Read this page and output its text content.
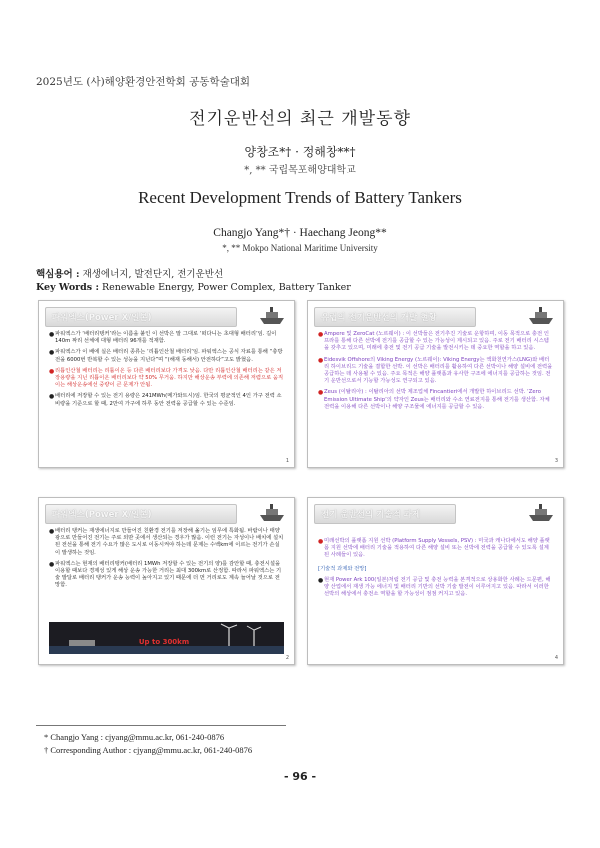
2025년도 (사)해양환경안전학회 공동학술대회
전기운반선의 최근 개발동향
양창조*† · 정해창**†
*, ** 국립목포해양대학교
Recent Development Trends of Battery Tankers
Changjo Yang*† · Haechang Jeong**
*, ** Mokpo National Maritime University
핵심용어 : 재생에너지, 발전단지, 전기운반선
Key Words : Renewable Energy, Power Complex, Battery Tanker
파워엑스(Power X/일본)
● 파워엑스가 ‘배터리탱커’라는 이름을 붙인 이 선박은 말 그대로 ‘떠다니는 초대형 배터리’임. 길이 140m 짜리 선체에 대형 배터리 96개를 적재함.
● 파워엑스가 이 배에 실은 배터리 종류는 ‘리튬인산철 배터리’임. 파워엑스는 공식 자료를 통해 “충방전을 6000번 반복할 수 있는 성능을 지닌다”며 “(해재 동해서) 안전하다”고도 밝혔음.
● 리튬인산철 배터리는 리튬이온 등 다른 배터리보다 가격도 낮음. 다만 리튬인산철 배터리는 같은 저장용량을 지닌 리튬이온 배터리보다 약 50% 무거움. 하지만 해상운송 부력에 의존해 저렴으로 움직이는 해상운송에선 중량이 큰 문제가 안됨.
● 배터리에 저장할 수 있는 전기 용량은 241MWh(메가와트시)임. 한국의 평균적인 4인 가구 전력 소비량을 기준으로 할 때, 2만여 가구에 하루 동안 전력을 공급할 수 있는 수준임.
1
유럽의 전기운반선의 개발 현황
● Ampere 및 ZeroCat (노르웨이) : 이 선박들은 전기추진 기술로 운항하며, 이동 목적으로 충전 인프라를 통해 다른 선박에 전기를 공급할 수 있는 가능성이 제시되고 있음. 주로 전기 배터리 시스템을 갖추고 있으며, 미래에 충전 및 전기 공급 기술을 발전시키는 데 중요한 역할을 하고 있음.
● Eidesvik Offshore의 Viking Energy (노르웨이): Viking Energy는 액화천연가스(LNG)와 배터리 하이브리드 기술을 결합한 선박. 이 선박은 배터리를 활용하여 다른 선박이나 해양 설비에 전력을 공급하는 데 사용될 수 있음. 주요 목적은 해양 플랫폼과 유사한 구조에 에너지를 공급하는 것임. 전기 운반선으로서 기능할 가능성도 연구되고 있음.
● Zeus (이탈리아) : 이탈리아의 선박 제조업체 Fincantieri에서 개발한 하이브리드 선박. ‘Zero Emission Ultimate Ship’의 약자인 Zeus는 배터리와 수소 연료전지를 통해 전기를 생산함. 자체 전력을 이용해 다른 선박이나 해양 구조물에 에너지를 공급할 수 있음.
3
파워엑스(Power X/일본)
● 배터리 탱커는 재생에너지로 만들어진 친환경 전기를 저장해 옮기는 임무에 특화됨. 바람이나 태양광으로 만들어진 전기는 주로 외딴 곳에서 생산되는 경우가 많음. 이런 전기는 자성이나 배치에 설치된 전선을 통해 전기 수요가 많은 도시로 이동시켜야 하는데 문제는 수백km에 이르는 전기가 손실이 발생하는 것임.
● 파워엑스는 현재의 배터리탱커(배터리 1MWh 저장할 수 있는 전기의 양)를 감안할 때, 충전시설을 이용할 때보다 경제성 있게 해상 운송 가능한 거리는 최대 300km로 산정함. 따라서 파워엑스는 기술 발달로 배터리 탱커가 운송 능력이 높아지고 있기 때문에 더 먼 거리로도 계속 늘어날 것으로 전망함.
Up to 300km
2
전기 운반선의 기술적 과제
● 미래선박의 플랫폼 지원 선박 (Platform Supply Vessels, PSV) : 미국과 캐나다에서도 해양 플랫폼 지원 선박에 배터리 기술을 적용하여 다른 해양 설비 또는 선박에 전력을 공급할 수 있도록 설계된 사례들이 있음.
[기술적 과제와 전망]
● 현재 Power Ark 100(일본)처럼 전기 공급 및 충전 능력을 본격적으로 상용화한 사례는 드문편, 해양 산업에서 재생 가능 에너지 및 배터리 기반의 선박 기술 발전이 이루어지고 있음. 따라서 이러한 선박의 해상에서 충전소 역할을 할 가능성이 점점 커지고 있음.
4
* Changjo Yang : cjyang@mmu.ac.kr, 061-240-0876
† Corresponding Author : cjyang@mmu.ac.kr, 061-240-0876
- 96 -
